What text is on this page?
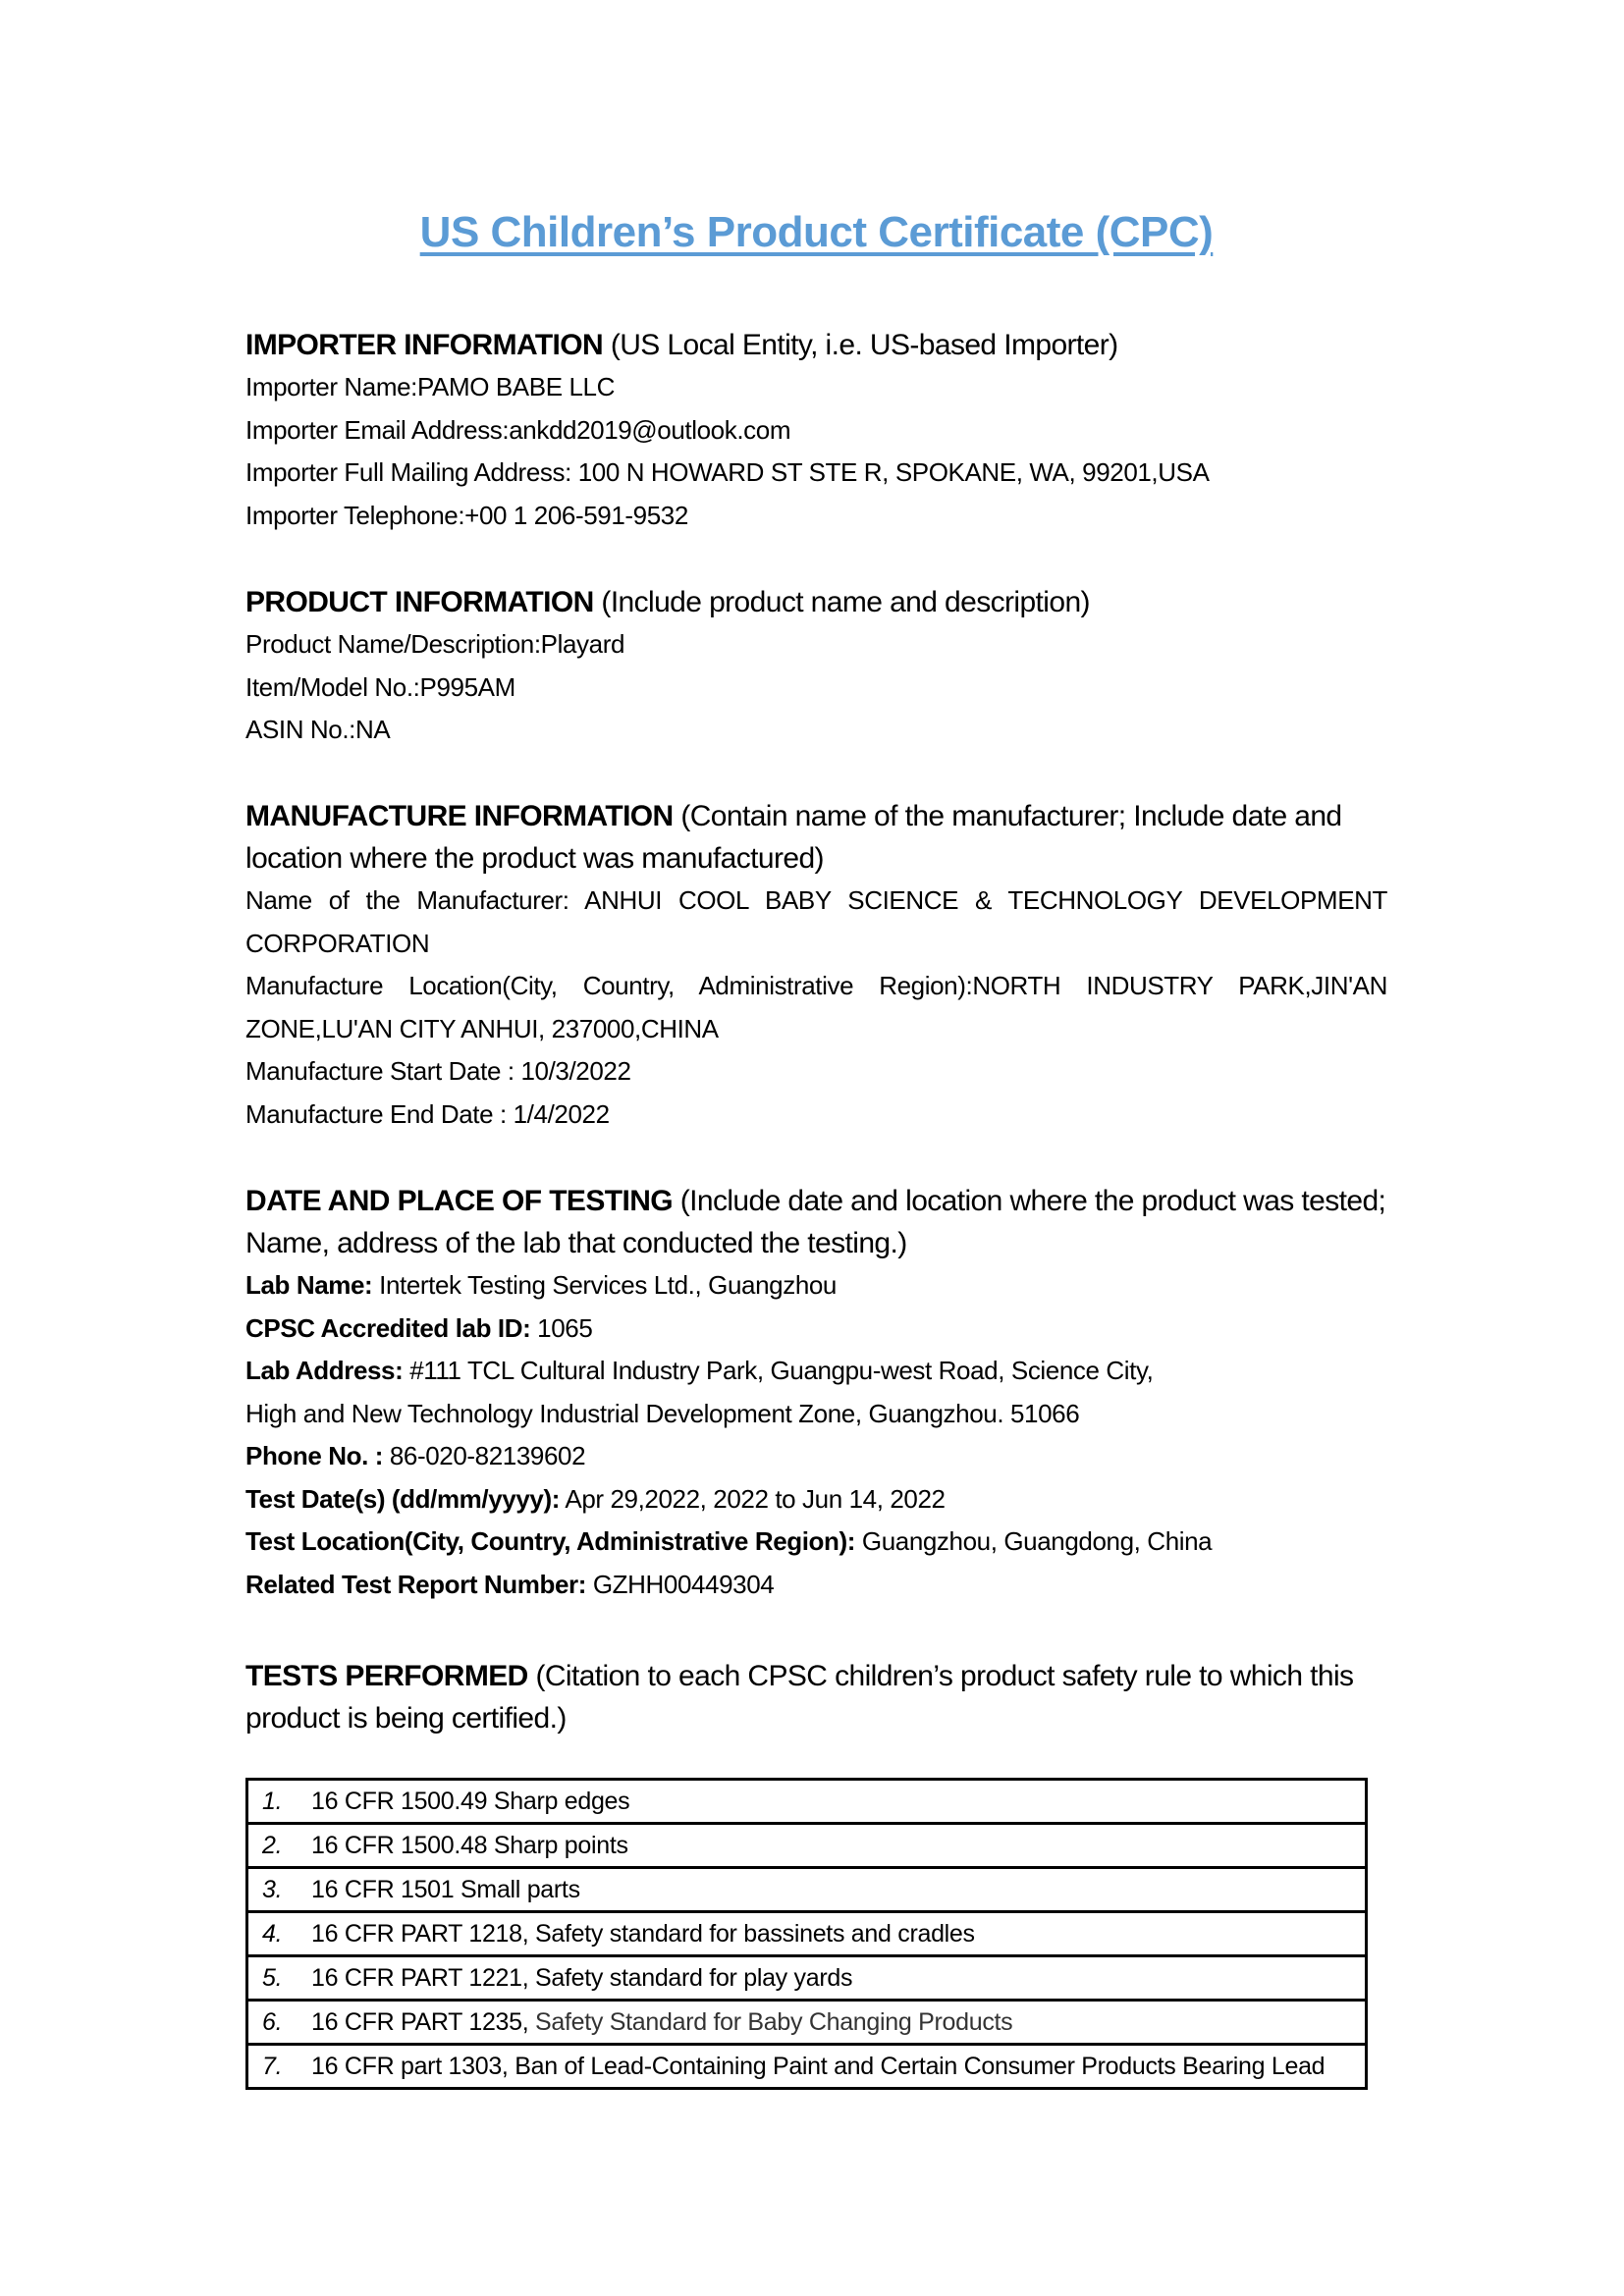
US Children’s Product Certificate (CPC)

IMPORTER INFORMATION (US Local Entity, i.e. US-based Importer)

Importer Name:PAMO BABE LLC

Importer Email Address:ankdd2019@outlook.com

Importer Full Mailing Address: 100 N HOWARD ST STE R, SPOKANE, WA, 99201,USA

Importer Telephone:+00 1 206-591-9532

PRODUCT INFORMATION (Include product name and description)

Product Name/Description:Playard

Item/Model No.:P995AM

ASIN No.:NA

MANUFACTURE INFORMATION (Contain name of the manufacturer; Include date and

location where the product was manufactured)

Name of the Manufacturer: ANHUI COOL BABY SCIENCE & TECHNOLOGY DEVELOPMENT

CORPORATION

Manufacture Location(City, Country, Administrative Region):NORTH INDUSTRY PARK,JIN'AN

ZONE,LU'AN CITY ANHUI, 237000,CHINA

Manufacture Start Date : 10/3/2022

Manufacture End Date : 1/4/2022

DATE AND PLACE OF TESTING (Include date and location where the product was tested;

Name, address of the lab that conducted the testing.)

Lab Name: Intertek Testing Services Ltd., Guangzhou

CPSC Accredited lab ID: 1065

Lab Address: #111 TCL Cultural Industry Park, Guangpu-west Road, Science City,

High and New Technology Industrial Development Zone, Guangzhou. 51066

Phone No. : 86-020-82139602

Test Date(s) (dd/mm/yyyy): Apr 29,2022, 2022 to Jun 14, 2022

Test Location(City, Country, Administrative Region): Guangzhou, Guangdong, China

Related Test Report Number: GZHH00449304

TESTS PERFORMED (Citation to each CPSC children’s product safety rule to which this

product is being certified.)

1. 16 CFR 1500.49 Sharp edges
2. 16 CFR 1500.48 Sharp points
3. 16 CFR 1501 Small parts
4. 16 CFR PART 1218, Safety standard for bassinets and cradles
5. 16 CFR PART 1221, Safety standard for play yards
6. 16 CFR PART 1235, Safety Standard for Baby Changing Products
7. 16 CFR part 1303, Ban of Lead-Containing Paint and Certain Consumer Products Bearing Lead
